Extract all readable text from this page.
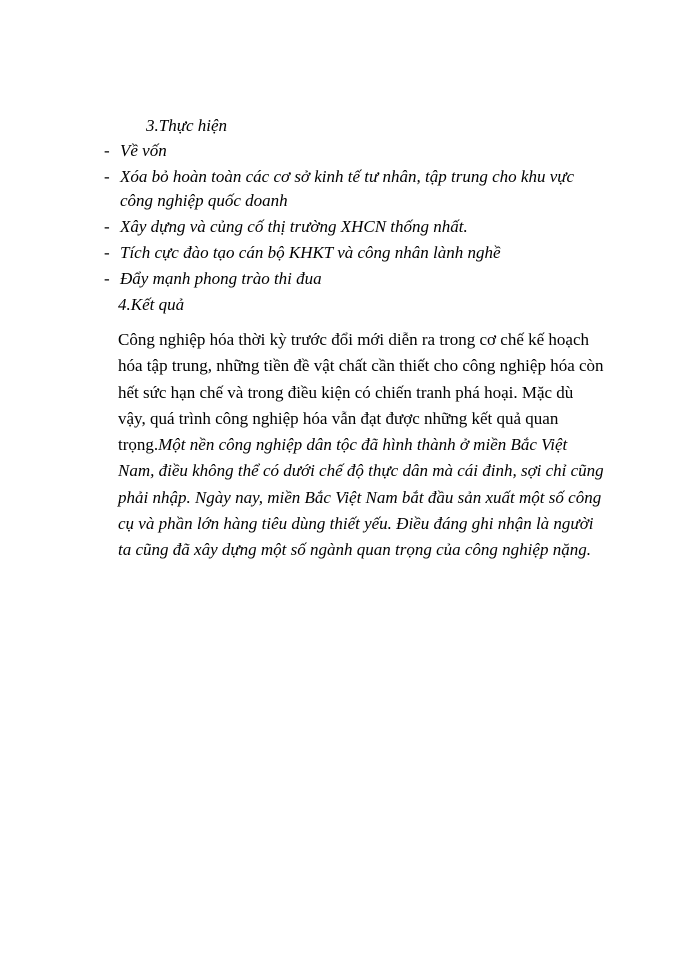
3.Thực hiện
- Về vốn
- Xóa bỏ hoàn toàn các cơ sở kinh tế tư nhân, tập trung cho khu vực công nghiệp quốc doanh
- Xây dựng và củng cố thị trường XHCN thống nhất.
- Tích cực đào tạo cán bộ KHKT và công nhân lành nghề
- Đẩy mạnh phong trào thi đua
4.Kết quả

Công nghiệp hóa thời kỳ trước đổi mới diễn ra trong cơ chế kế hoạch hóa tập trung, những tiền đề vật chất cần thiết cho công nghiệp hóa còn hết sức hạn chế và trong điều kiện có chiến tranh phá hoại. Mặc dù vậy, quá trình công nghiệp hóa vẫn đạt được những kết quả quan trọng.Một nền công nghiệp dân tộc đã hình thành ở miền Bắc Việt Nam, điều không thể có dưới chế độ thực dân mà cái đinh, sợi chỉ cũng phải nhập. Ngày nay, miền Bắc Việt Nam bắt đầu sản xuất một số công cụ và phần lớn hàng tiêu dùng thiết yếu. Điều đáng ghi nhận là người ta cũng đã xây dựng một số ngành quan trọng của công nghiệp nặng.
